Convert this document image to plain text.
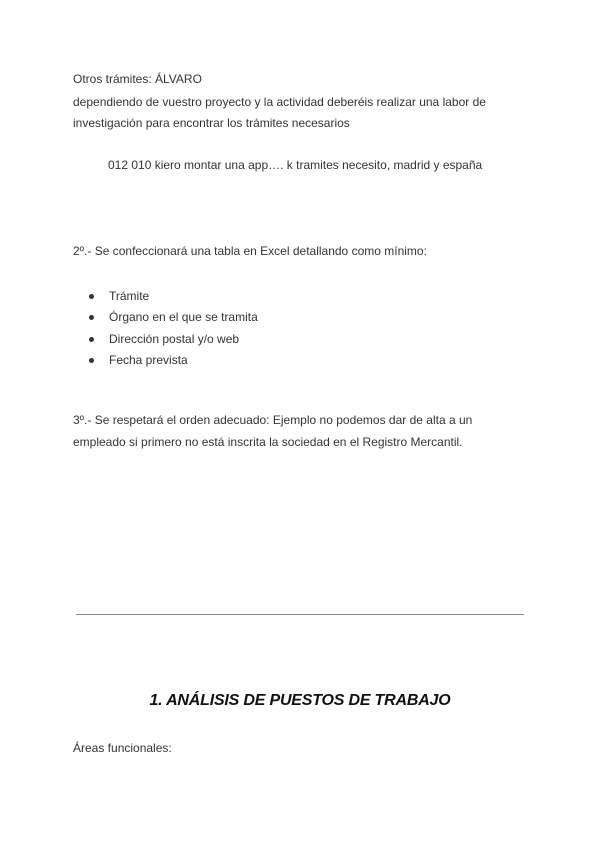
Otros trámites: ÁLVARO
dependiendo de vuestro proyecto y la actividad deberéis realizar una labor de
investigación para encontrar los trámites necesarios
012 010 kiero montar una app…. k tramites necesito, madrid y españa
2º.- Se confeccionará una tabla en Excel detallando como mínimo:
Trámite
Órgano en el que se tramita
Dirección postal y/o web
Fecha prevista
3º.- Se respetará el orden adecuado: Ejemplo no podemos dar de alta a un
empleado si primero no está inscrita la sociedad en el Registro Mercantil.
1. ANÁLISIS DE PUESTOS DE TRABAJO
Áreas funcionales:
